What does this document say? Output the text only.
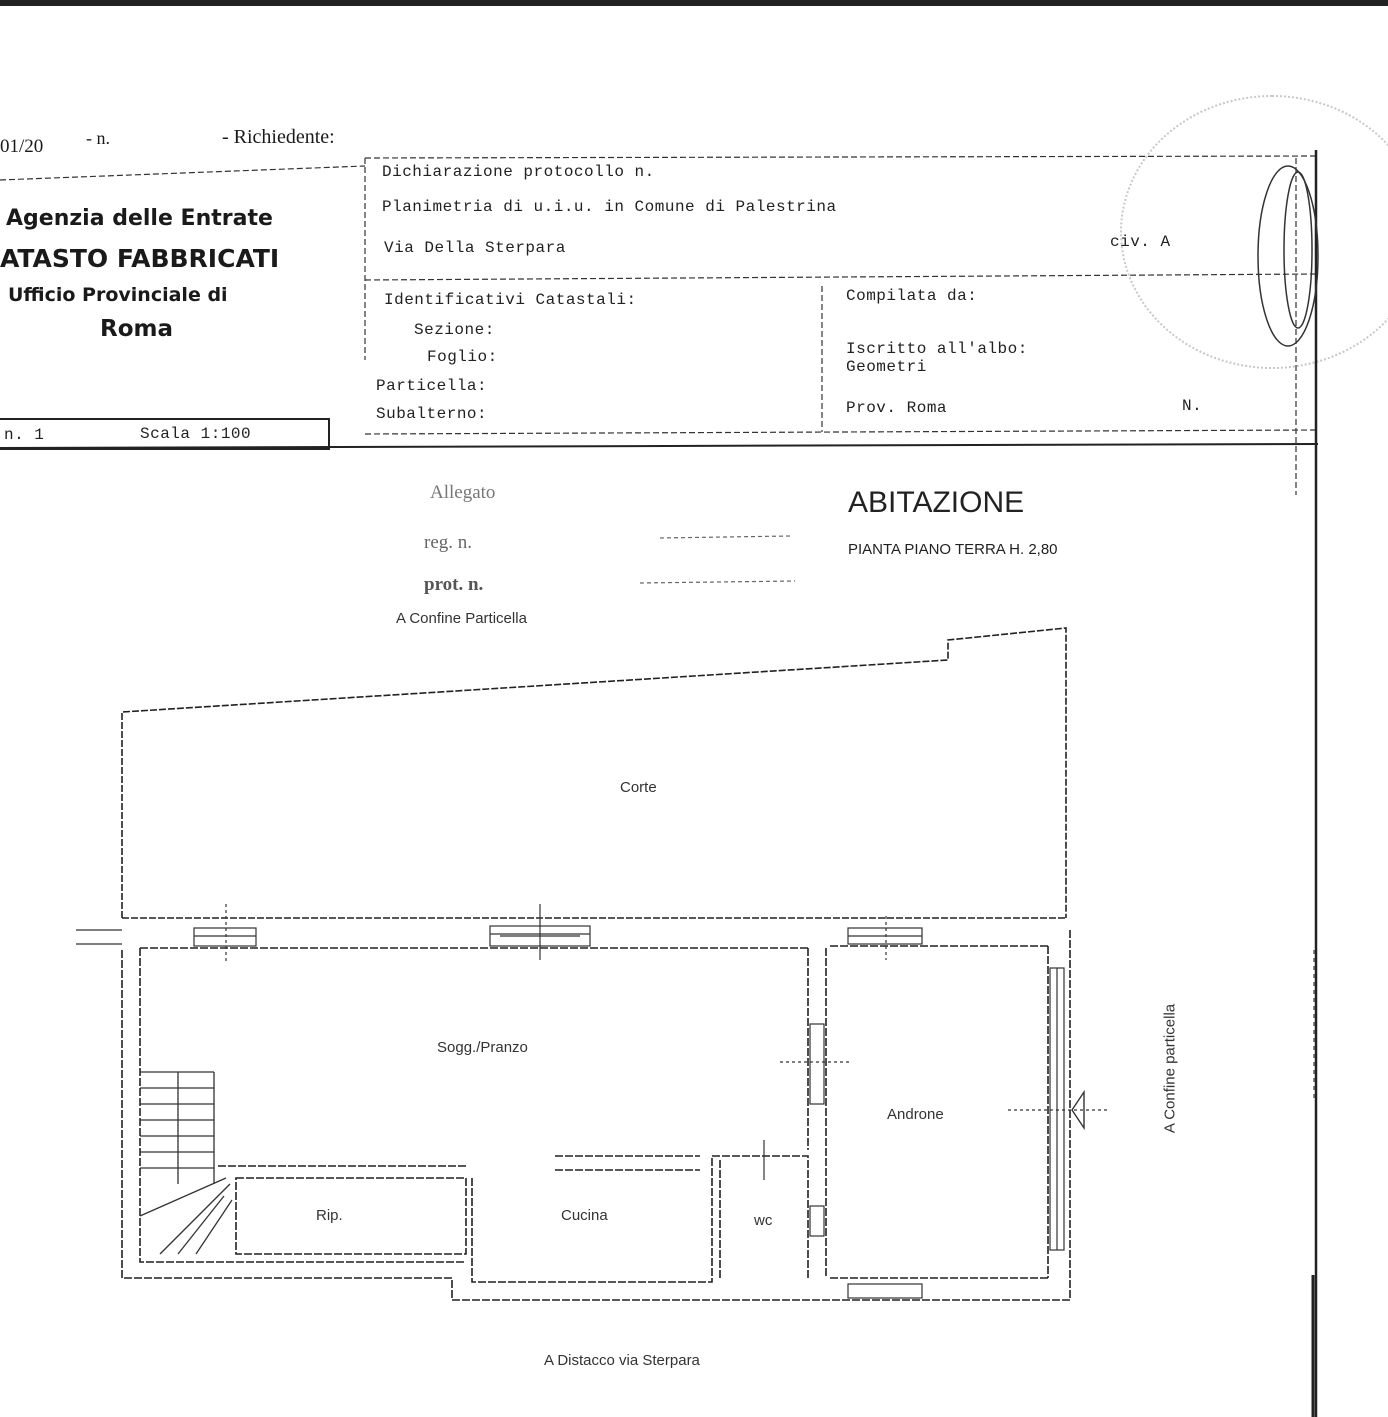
01/20 - n.	- Richiedente:
Agenzia delle Entrate
ATASTO FABBRICATI
Ufficio Provinciale di
Roma
Dichiarazione protocollo n.
Planimetria di u.i.u. in Comune di Palestrina
Via Della Sterpara	civ. A
Identificativi Catastali:
Sezione:
Foglio:
Particella:
Subalterno:
Compilata da:
Iscritto all'albo:
Geometri
Prov. Roma	N.
n. 1	Scala 1:100
Allegato
reg. n.
prot. n.
ABITAZIONE
PIANTA PIANO TERRA H. 2,80
A Confine Particella
A Confine particella
A Distacco via Sterpara
Corte
Sogg./Pranzo
Androne
Rip.	Cucina	wc
